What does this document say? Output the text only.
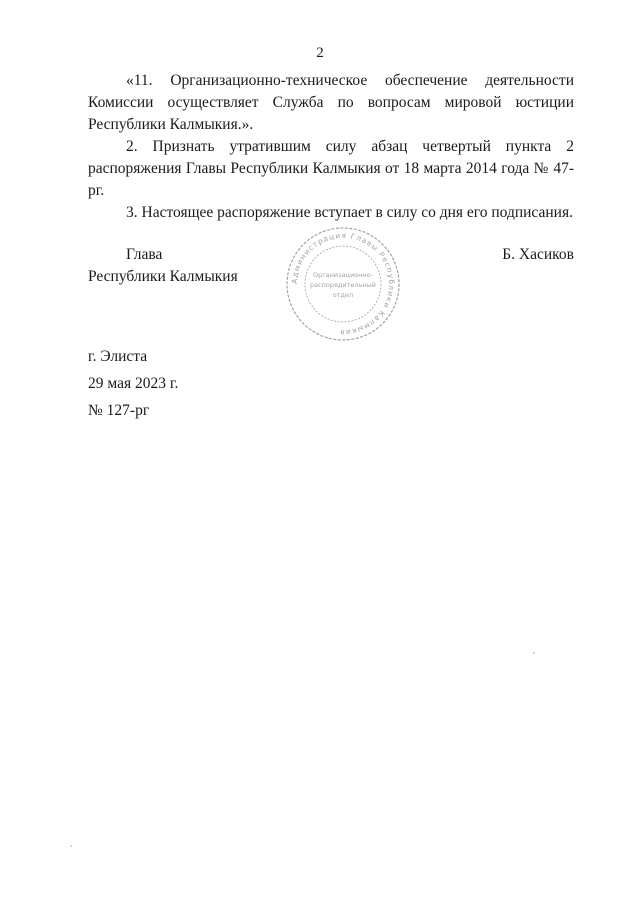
2

«11. Организационно-техническое обеспечение деятельности Комиссии осуществляет Служба по вопросам мировой юстиции Республики Калмыкия.».

2. Признать утратившим силу абзац четвертый пункта 2 распоряжения Главы Республики Калмыкия от 18 марта 2014 года № 47-рг.

3. Настоящее распоряжение вступает в силу со дня его подписания.

Глава
Республики Калмыкия	Администрация Главы Республики Калмыкия
Организационно-
распорядительный
отдел
Б. Хасиков
г. Элиста
29 мая 2023 г.
№ 127-рг
